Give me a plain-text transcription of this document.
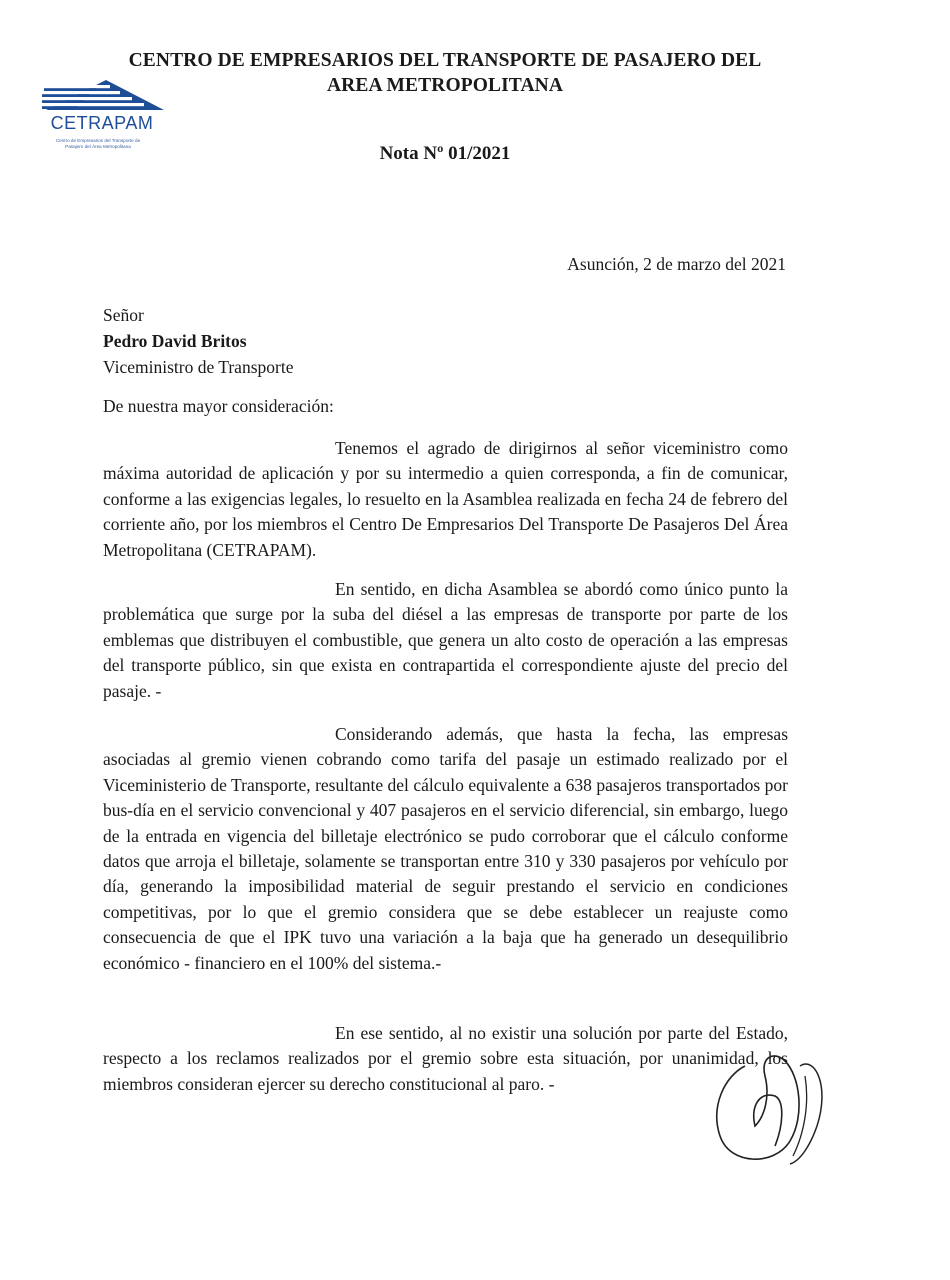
CENTRO DE EMPRESARIOS DEL TRANSPORTE DE PASAJERO DEL
AREA METROPOLITANA
CETRAPAM
Centro de Empresarios del Transporte de Pasajero del Área Metropolitana	Nota Nº 01/2021

Asunción, 2 de marzo del 2021
Señor
Pedro David Britos
Viceministro de Transporte
De nuestra mayor consideración:

Tenemos el agrado de dirigirnos al señor viceministro como máxima autoridad de aplicación y por su intermedio a quien corresponda, a fin de comunicar, conforme a las exigencias legales, lo resuelto en la Asamblea realizada en fecha 24 de febrero del corriente año, por los miembros el Centro De Empresarios Del Transporte De Pasajeros Del Área Metropolitana (CETRAPAM).

En sentido, en dicha Asamblea se abordó como único punto la problemática que surge por la suba del diésel a las empresas de transporte por parte de los emblemas que distribuyen el combustible, que genera un alto costo de operación a las empresas del transporte público, sin que exista en contrapartida el correspondiente ajuste del precio del pasaje. -

Considerando además, que hasta la fecha, las empresas asociadas al gremio vienen cobrando como tarifa del pasaje un estimado realizado por el Viceministerio de Transporte, resultante del cálculo equivalente a 638 pasajeros transportados por bus-día en el servicio convencional y 407 pasajeros en el servicio diferencial, sin embargo, luego de la entrada en vigencia del billetaje electrónico se pudo corroborar que el cálculo conforme datos que arroja el billetaje, solamente se transportan entre 310 y 330 pasajeros por vehículo por día, generando la imposibilidad material de seguir prestando el servicio en condiciones competitivas, por lo que el gremio considera que se debe establecer un reajuste como consecuencia de que el IPK tuvo una variación a la baja que ha generado un desequilibrio económico - financiero en el 100% del sistema.-

En ese sentido, al no existir una solución por parte del Estado, respecto a los reclamos realizados por el gremio sobre esta situación, por unanimidad, los miembros consideran ejercer su derecho constitucional al paro. -
